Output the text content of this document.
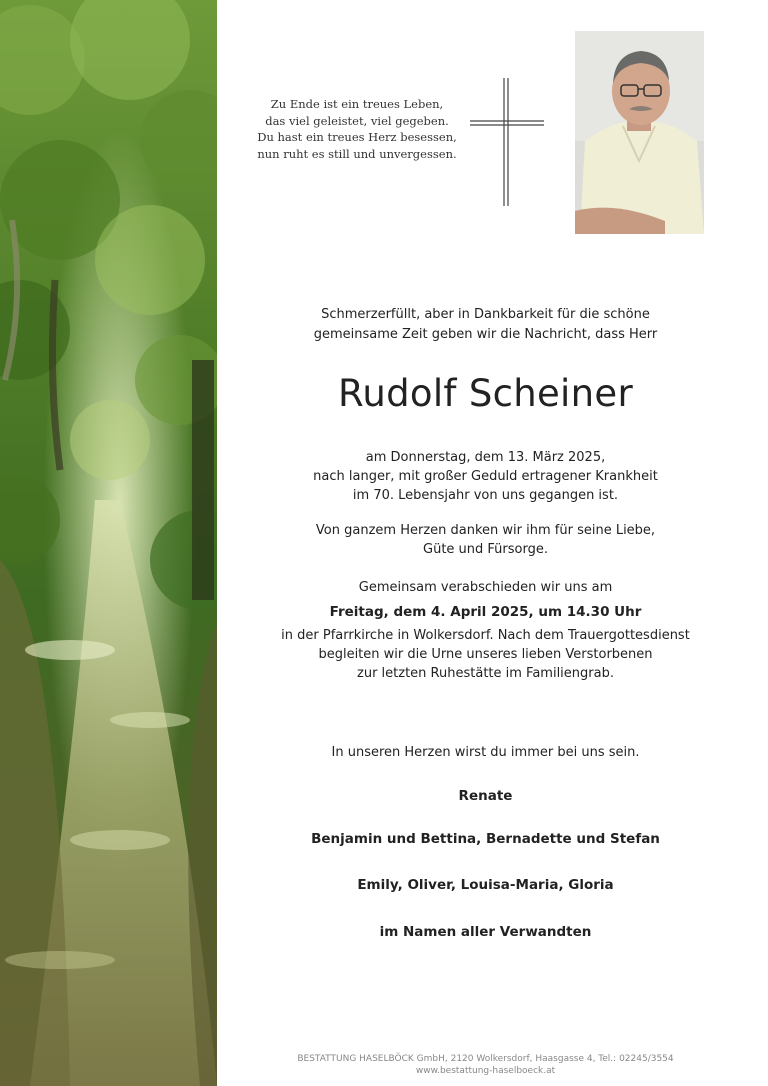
Zu Ende ist ein treues Leben,
das viel geleistet, viel gegeben.
Du hast ein treues Herz besessen,
nun ruht es still und unvergessen.
Schmerzerfüllt, aber in Dankbarkeit für die schöne
gemeinsame Zeit geben wir die Nachricht, dass Herr
Rudolf Scheiner
am Donnerstag, dem 13. März 2025,
nach langer, mit großer Geduld ertragener Krankheit
im 70. Lebensjahr von uns gegangen ist.
Von ganzem Herzen danken wir ihm für seine Liebe,
Güte und Fürsorge.
Gemeinsam verabschieden wir uns am
Freitag, dem 4. April 2025, um 14.30 Uhr
in der Pfarrkirche in Wolkersdorf. Nach dem Trauergottesdienst
begleiten wir die Urne unseres lieben Verstorbenen
zur letzten Ruhestätte im Familiengrab.
In unseren Herzen wirst du immer bei uns sein.
Renate
Benjamin und Bettina, Bernadette und Stefan
Emily, Oliver, Louisa-Maria, Gloria
im Namen aller Verwandten
BESTATTUNG HASELBÖCK GmbH, 2120 Wolkersdorf, Haasgasse 4, Tel.: 02245/3554
www.bestattung-haselboeck.at
